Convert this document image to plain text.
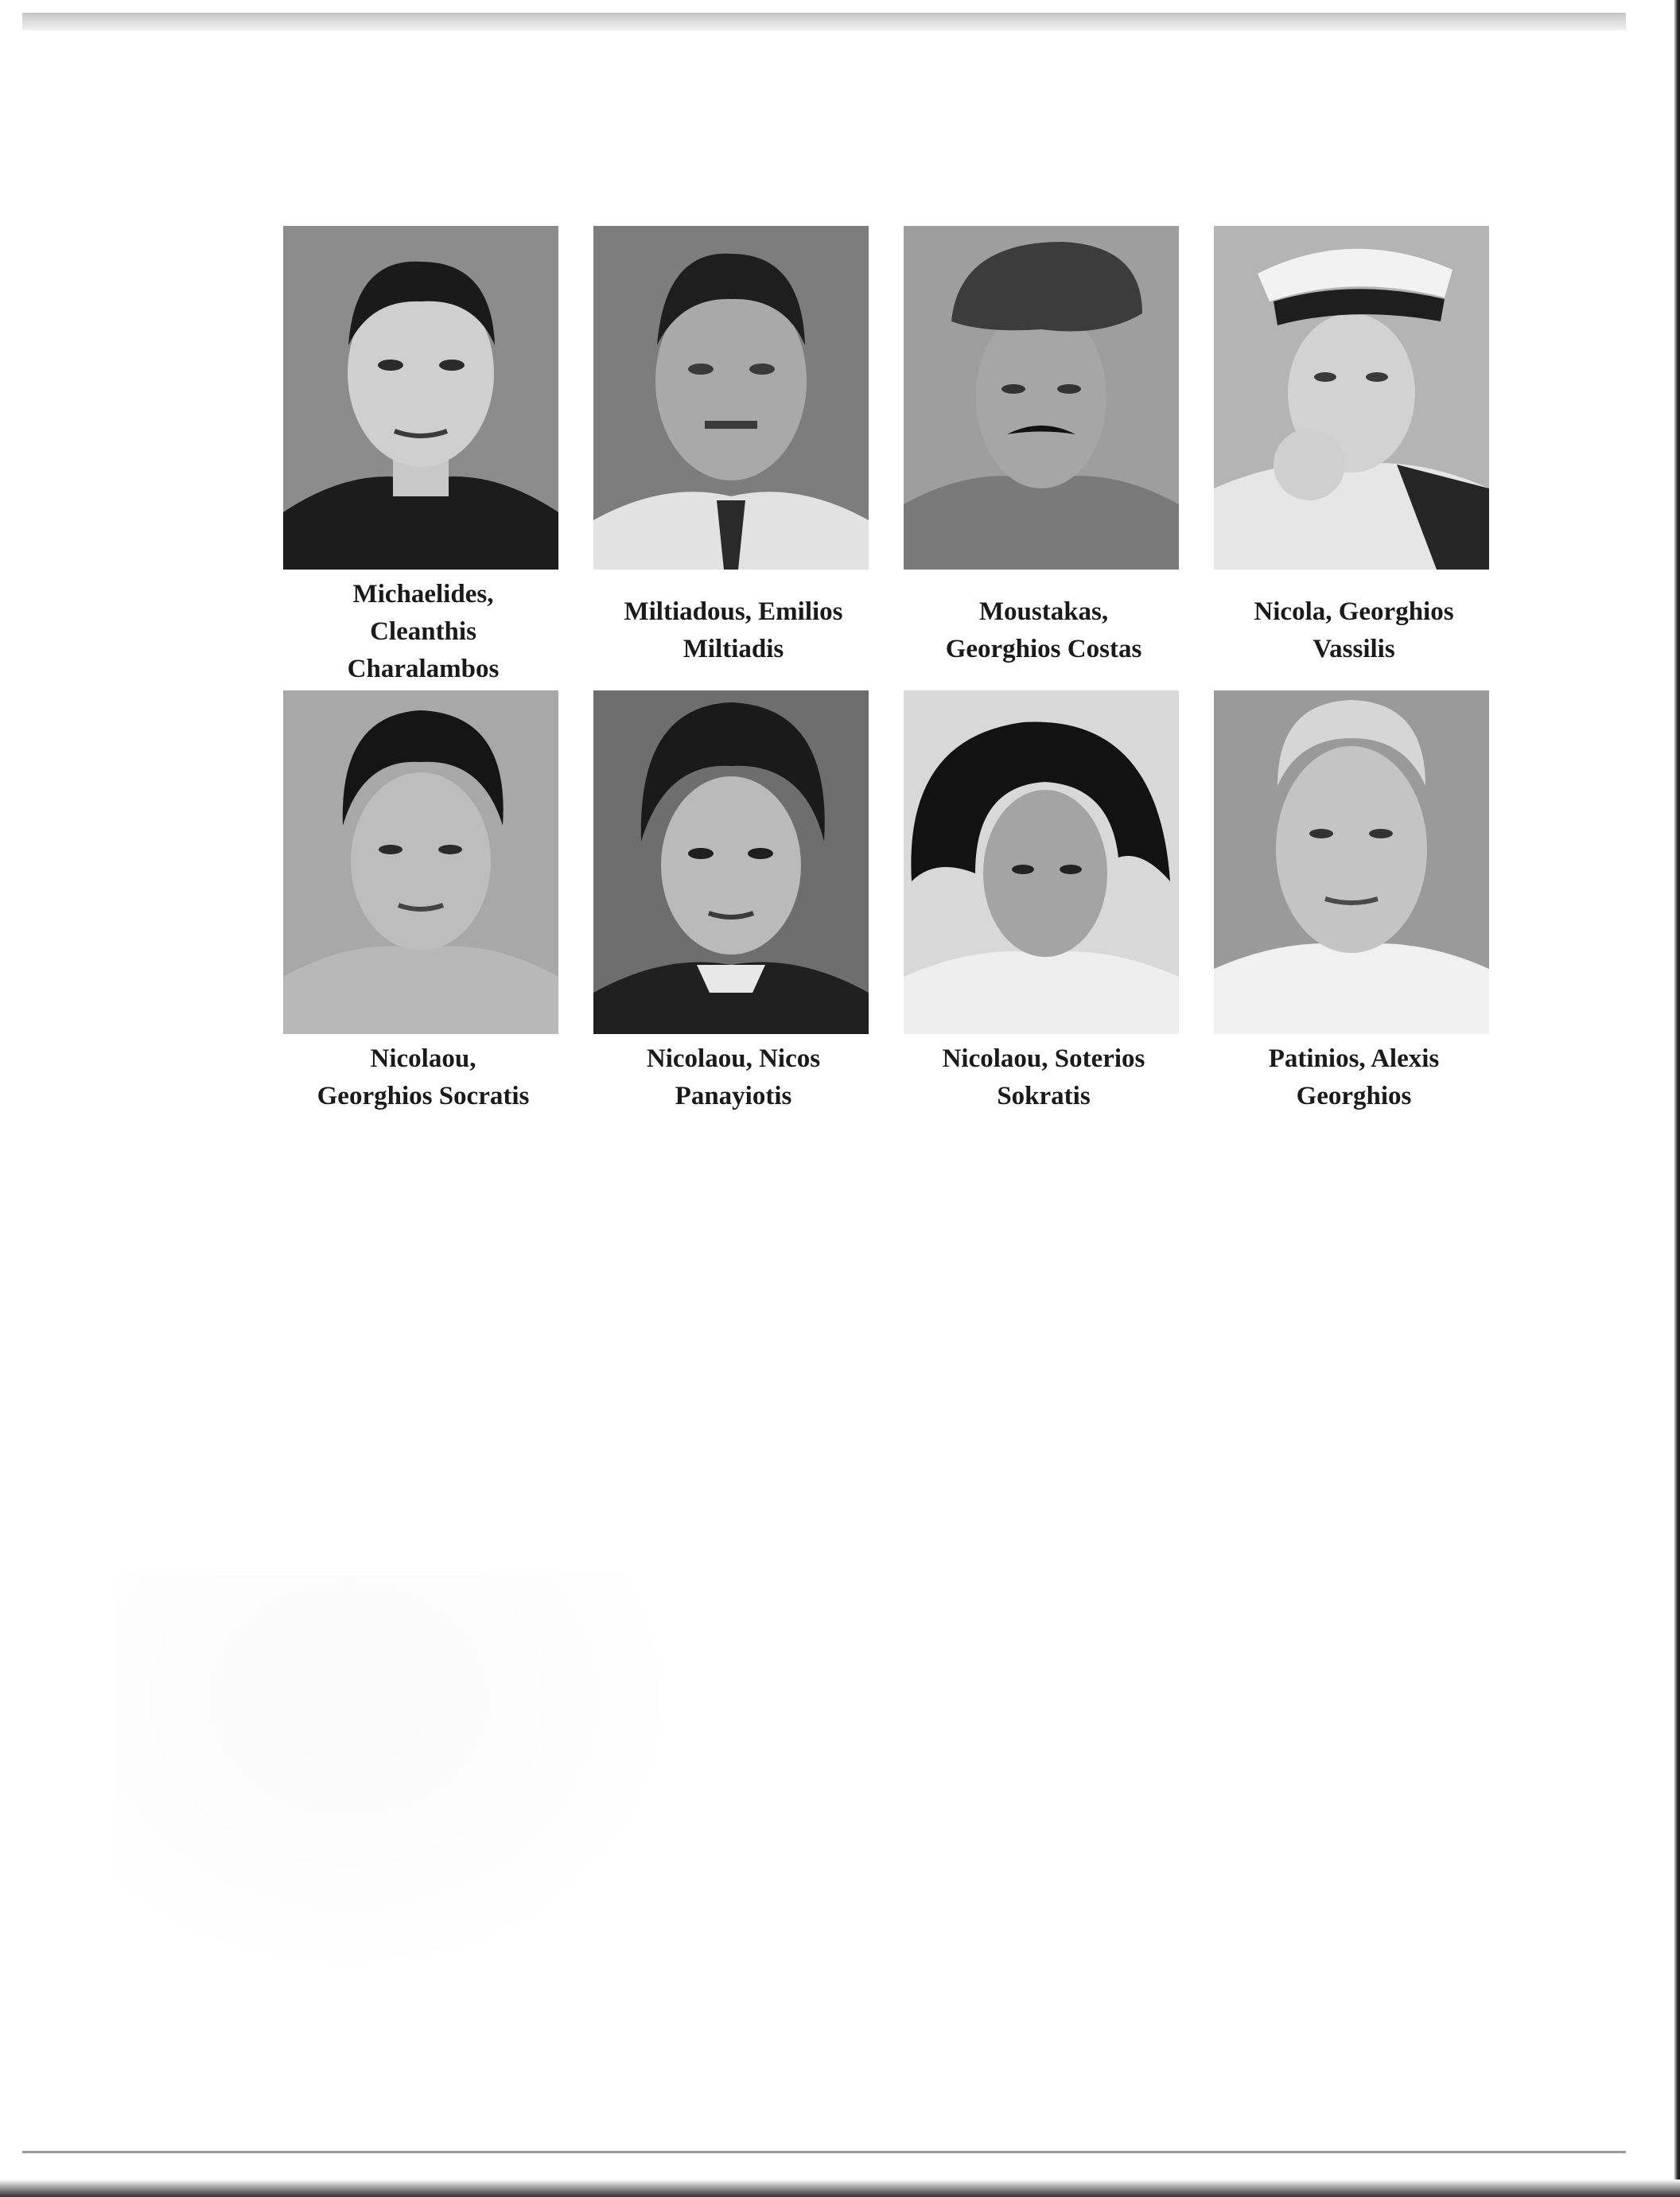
Michaelides,
Cleanthis
Charalambos
Miltiadous, Emilios
Miltiadis
Moustakas,
Georghios Costas
Nicola, Georghios
Vassilis
Nicolaou,
Georghios Socratis
Nicolaou, Nicos
Panayiotis
Nicolaou, Soterios
Sokratis
Patinios, Alexis
Georghios
